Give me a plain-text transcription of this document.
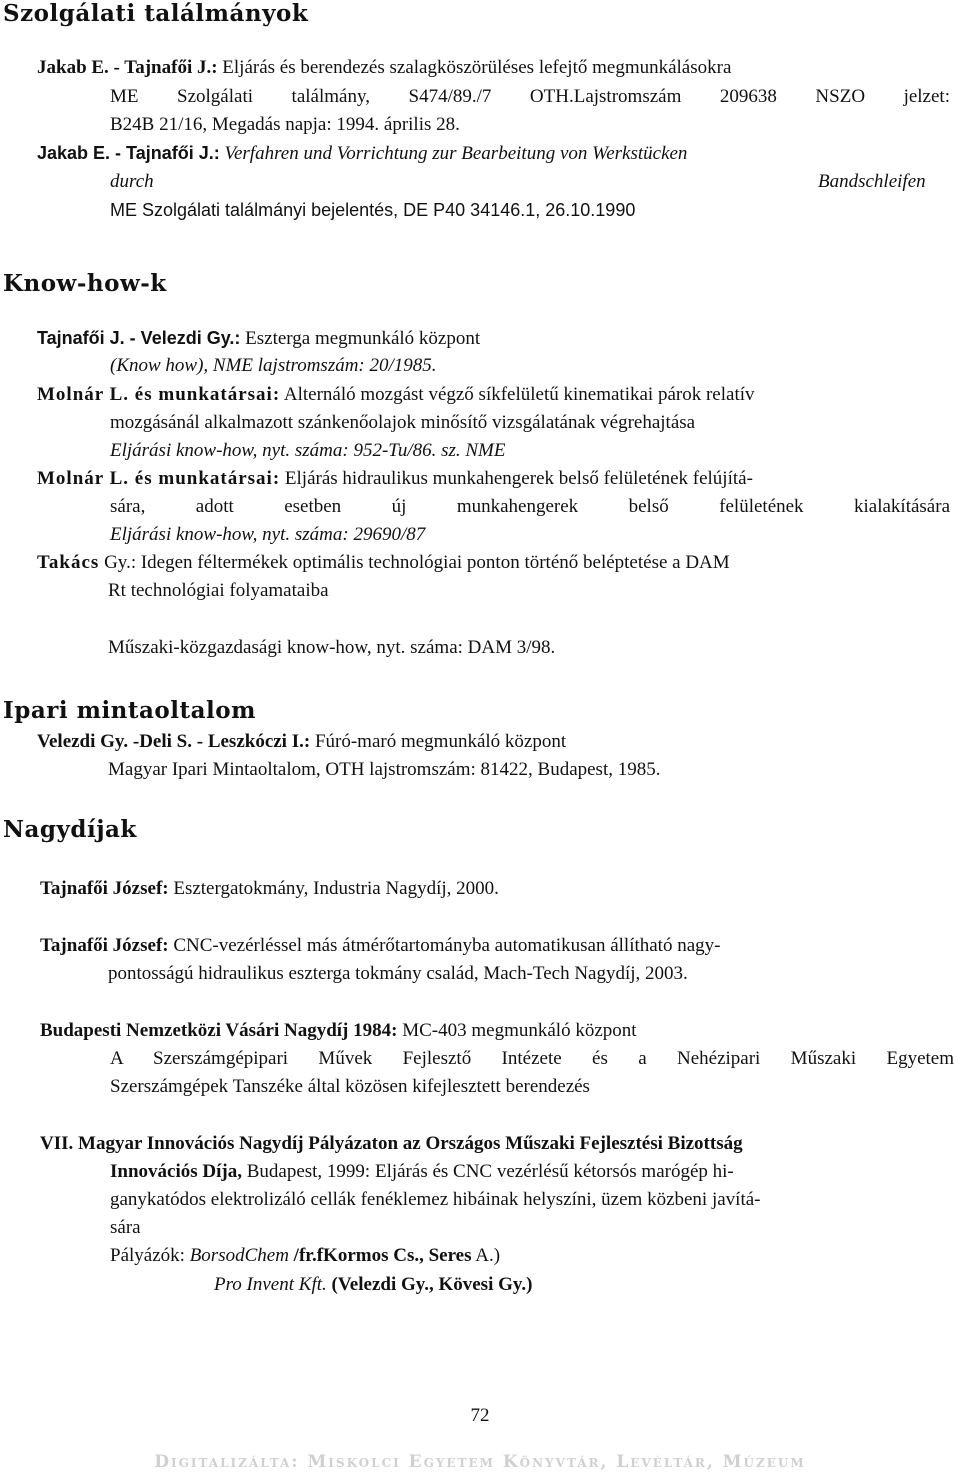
Szolgálati találmányok
Jakab E. - Tajnafői J.: Eljárás és berendezés szalagköszörüléses lefejtő megmunkálásokra
ME Szolgálati találmány, S474/89./7 OTH.Lajstromszám 209638 NSZO jelzet:
B24B 21/16, Megadás napja: 1994. április 28.
Jakab E. - Tajnafői J.: Verfahren und Vorrichtung zur Bearbeitung von Werkstücken
durch	Bandschleifen
ME Szolgálati találmányi bejelentés, DE P40 34146.1, 26.10.1990
Know-how-k
Tajnafői J. - Velezdi Gy.: Eszterga megmunkáló központ
(Know how), NME lajstromszám: 20/1985.
Molnár L. és munkatársai: Alternáló mozgást végző síkfelületű kinematikai párok relatív
mozgásánál alkalmazott szánkenőolajok minősítő vizsgálatának végrehajtása
Eljárási know-how, nyt. száma: 952-Tu/86. sz. NME
Molnár L. és munkatársai: Eljárás hidraulikus munkahengerek belső felületének felújítá-
sára, adott esetben új munkahengerek belső felületének kialakítására
Eljárási know-how, nyt. száma: 29690/87
Takács Gy.: Idegen féltermékek optimális technológiai ponton történő beléptetése a DAM
Rt technológiai folyamataiba
Műszaki-közgazdasági know-how, nyt. száma: DAM 3/98.
Ipari mintaoltalom
Velezdi Gy. -Deli S. - Leszkóczi I.: Fúró-maró megmunkáló központ
Magyar Ipari Mintaoltalom, OTH lajstromszám: 81422, Budapest, 1985.
Nagydíjak
Tajnafői József: Esztergatokmány, Industria Nagydíj, 2000.
Tajnafői József: CNC-vezérléssel más átmérőtartományba automatikusan állítható nagy-
pontosságú hidraulikus eszterga tokmány család, Mach-Tech Nagydíj, 2003.
Budapesti Nemzetközi Vásári Nagydíj 1984: MC-403 megmunkáló központ
A Szerszámgépipari Művek Fejlesztő Intézete és a Nehézipari Műszaki Egyetem
Szerszámgépek Tanszéke által közösen kifejlesztett berendezés
VII. Magyar Innovációs Nagydíj Pályázaton az Országos Műszaki Fejlesztési Bizottság
Innovációs Díja, Budapest, 1999: Eljárás és CNC vezérlésű kétorsós marógép hi-
ganykatódos elektrolizáló cellák fenéklemez hibáinak helyszíni, üzem közbeni javítá-
sára
Pályázók: BorsodChem /fr.fKormos Cs., Seres A.)
Pro Invent Kft. (Velezdi Gy., Kövesi Gy.)
72
Digitalizálta: Miskolci Egyetem Könyvtár, Levéltár, Múzeum
